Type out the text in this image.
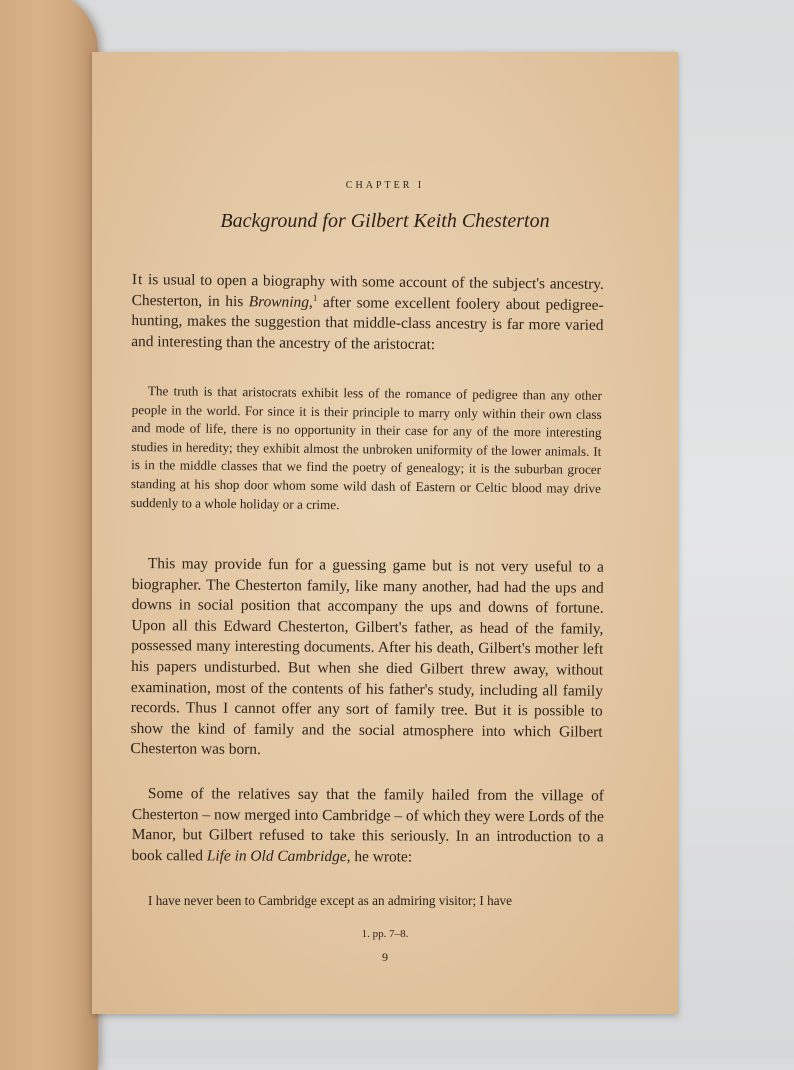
CHAPTER I
Background for Gilbert Keith Chesterton
It is usual to open a biography with some account of the subject's ancestry. Chesterton, in his Browning,$^1$ after some excellent foolery about pedigree-hunting, makes the suggestion that middle-class ancestry is far more varied and interesting than the ancestry of the aristocrat:
The truth is that aristocrats exhibit less of the romance of pedigree than any other people in the world. For since it is their principle to marry only within their own class and mode of life, there is no opportunity in their case for any of the more interesting studies in heredity; they exhibit almost the unbroken uniformity of the lower animals. It is in the middle classes that we find the poetry of genealogy; it is the suburban grocer standing at his shop door whom some wild dash of Eastern or Celtic blood may drive suddenly to a whole holiday or a crime.
This may provide fun for a guessing game but is not very useful to a biographer. The Chesterton family, like many another, had had the ups and downs in social position that accompany the ups and downs of fortune. Upon all this Edward Chesterton, Gilbert's father, as head of the family, possessed many interesting documents. After his death, Gilbert's mother left his papers undisturbed. But when she died Gilbert threw away, without examination, most of the contents of his father's study, including all family records. Thus I cannot offer any sort of family tree. But it is possible to show the kind of family and the social atmosphere into which Gilbert Chesterton was born.
Some of the relatives say that the family hailed from the village of Chesterton – now merged into Cambridge – of which they were Lords of the Manor, but Gilbert refused to take this seriously. In an introduction to a book called Life in Old Cambridge, he wrote:
I have never been to Cambridge except as an admiring visitor; I have
1. pp. 7–8.
9
